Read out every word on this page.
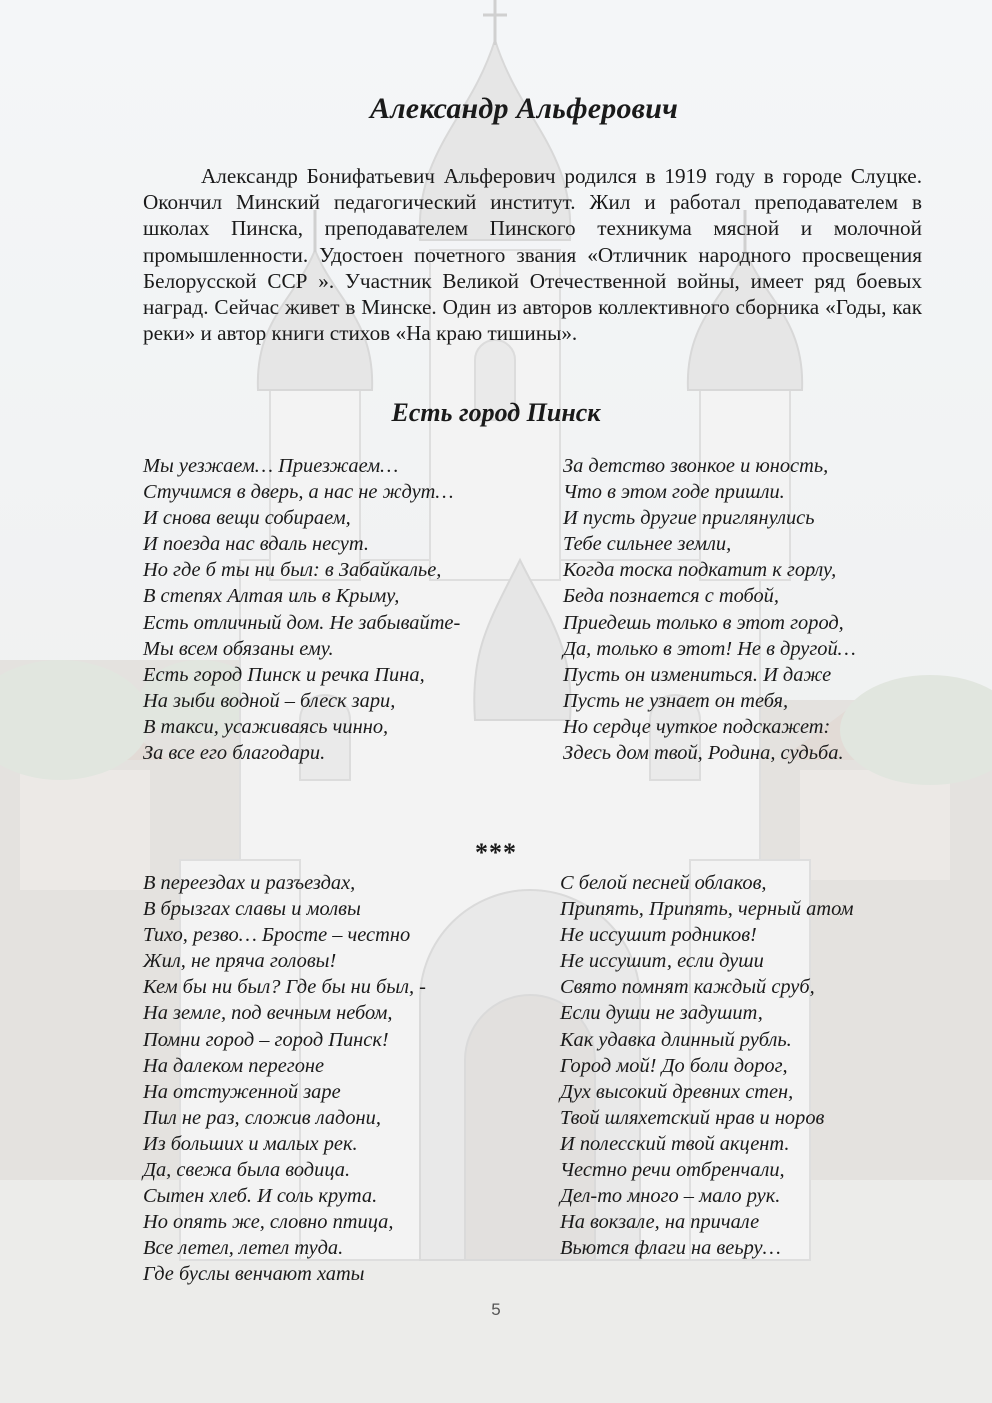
Александр Альферович

Александр Бонифатьевич Альферович родился в 1919 году в городе Слуцке. Окончил Минский педагогический институт. Жил и работал преподавателем в школах Пинска, преподавателем Пинского техникума мясной и молочной промышленности. Удостоен почетного звания «Отличник народного просвещения Белорусской ССР ». Участник Великой Отечественной войны, имеет ряд боевых наград. Сейчас живет в Минске. Один из авторов коллективного сборника «Годы, как реки» и автор книги стихов «На краю тишины».

Есть город Пинск
Мы уезжаем… Приезжаем…
Стучимся в дверь, а нас не ждут…
И снова вещи собираем,
И поезда нас вдаль несут.
Но где б ты ни был: в Забайкалье,
В степях Алтая иль в Крыму,
Есть отличный дом. Не забывайте-
Мы всем обязаны ему.
Есть город Пинск и речка Пина,
На зыби водной – блеск зари,
В такси, усаживаясь чинно,
За все его благодари.
За детство звонкое и юность,
Что в этом годе пришли.
И пусть другие приглянулись
Тебе сильнее земли,
Когда тоска подкатит к горлу,
Беда познается с тобой,
Приедешь только в этот город,
Да, только в этот! Не в другой…
Пусть он измениться. И даже
Пусть не узнает он тебя,
Но сердце чуткое подскажет:
Здесь дом твой, Родина, судьба.
***
В переездах и разъездах,
В брызгах славы и молвы
Тихо, резво… Бросте – честно
Жил, не пряча головы!
Кем бы ни был? Где бы ни был, -
На земле, под вечным небом,
Помни город – город Пинск!
На далеком перегоне
На отстуженной заре
Пил не раз, сложив ладони,
Из больших и малых рек.
Да, свежа была водица.
Сытен хлеб. И соль крута.
Но опять же, словно птица,
Все летел, летел туда.
Где буслы венчают хаты
С белой песней облаков,
Припять, Припять, черный атом
Не иссушит родников!
Не иссушит, если души
Свято помнят каждый сруб,
Если души не задушит,
Как удавка длинный рубль.
Город мой! До боли дорог,
Дух высокий древних стен,
Твой шляхетский нрав и норов
И полесский твой акцент.
Честно речи отбренчали,
Дел-то много – мало рук.
На вокзале, на причале
Вьются флаги на веьру…
5
